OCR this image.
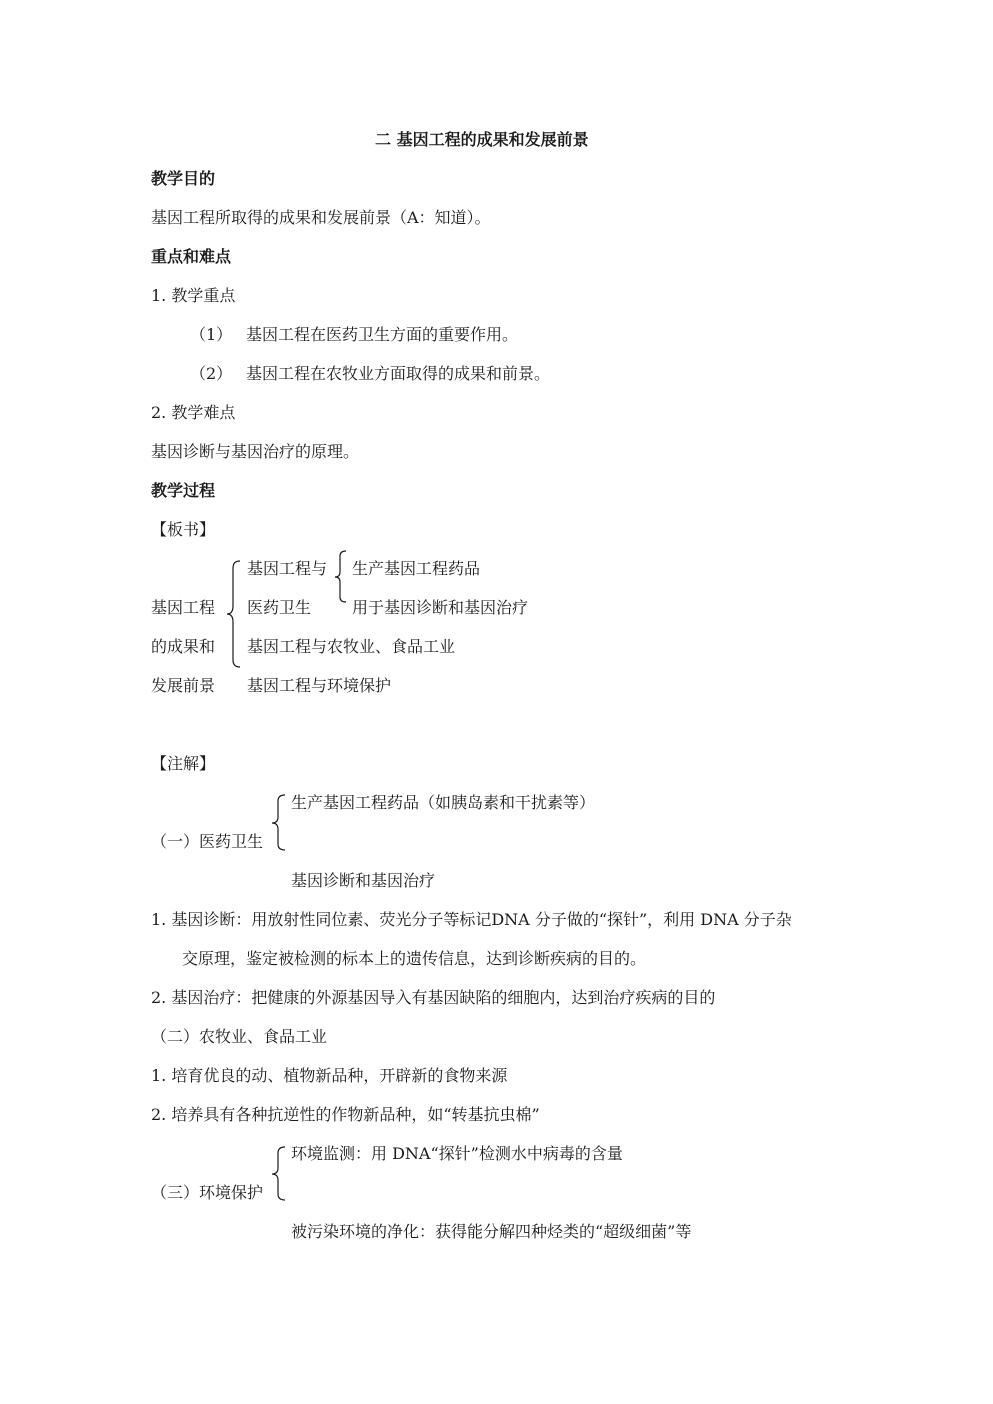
二 基因工程的成果和发展前景
教学目的
基因工程所取得的成果和发展前景（A：知道）。
重点和难点
1. 教学重点
（1） 基因工程在医药卫生方面的重要作用。
（2） 基因工程在农牧业方面取得的成果和前景。
2. 教学难点
基因诊断与基因治疗的原理。
教学过程
【板书】
基因工程
的成果和
发展前景
基因工程与
医药卫生
生产基因工程药品
用于基因诊断和基因治疗
基因工程与农牧业、食品工业
基因工程与环境保护
【注解】
（一）医药卫生
生产基因工程药品（如胰岛素和干扰素等）
基因诊断和基因治疗
1. 基因诊断：用放射性同位素、荧光分子等标记DNA 分子做的“探针”，利用 DNA 分子杂
交原理，鉴定被检测的标本上的遗传信息，达到诊断疾病的目的。
2. 基因治疗：把健康的外源基因导入有基因缺陷的细胞内，达到治疗疾病的目的
（二）农牧业、食品工业
1. 培育优良的动、植物新品种，开辟新的食物来源
2. 培养具有各种抗逆性的作物新品种，如“转基抗虫棉”
（三）环境保护
环境监测：用 DNA“探针”检测水中病毒的含量
被污染环境的净化：获得能分解四种烃类的“超级细菌”等
